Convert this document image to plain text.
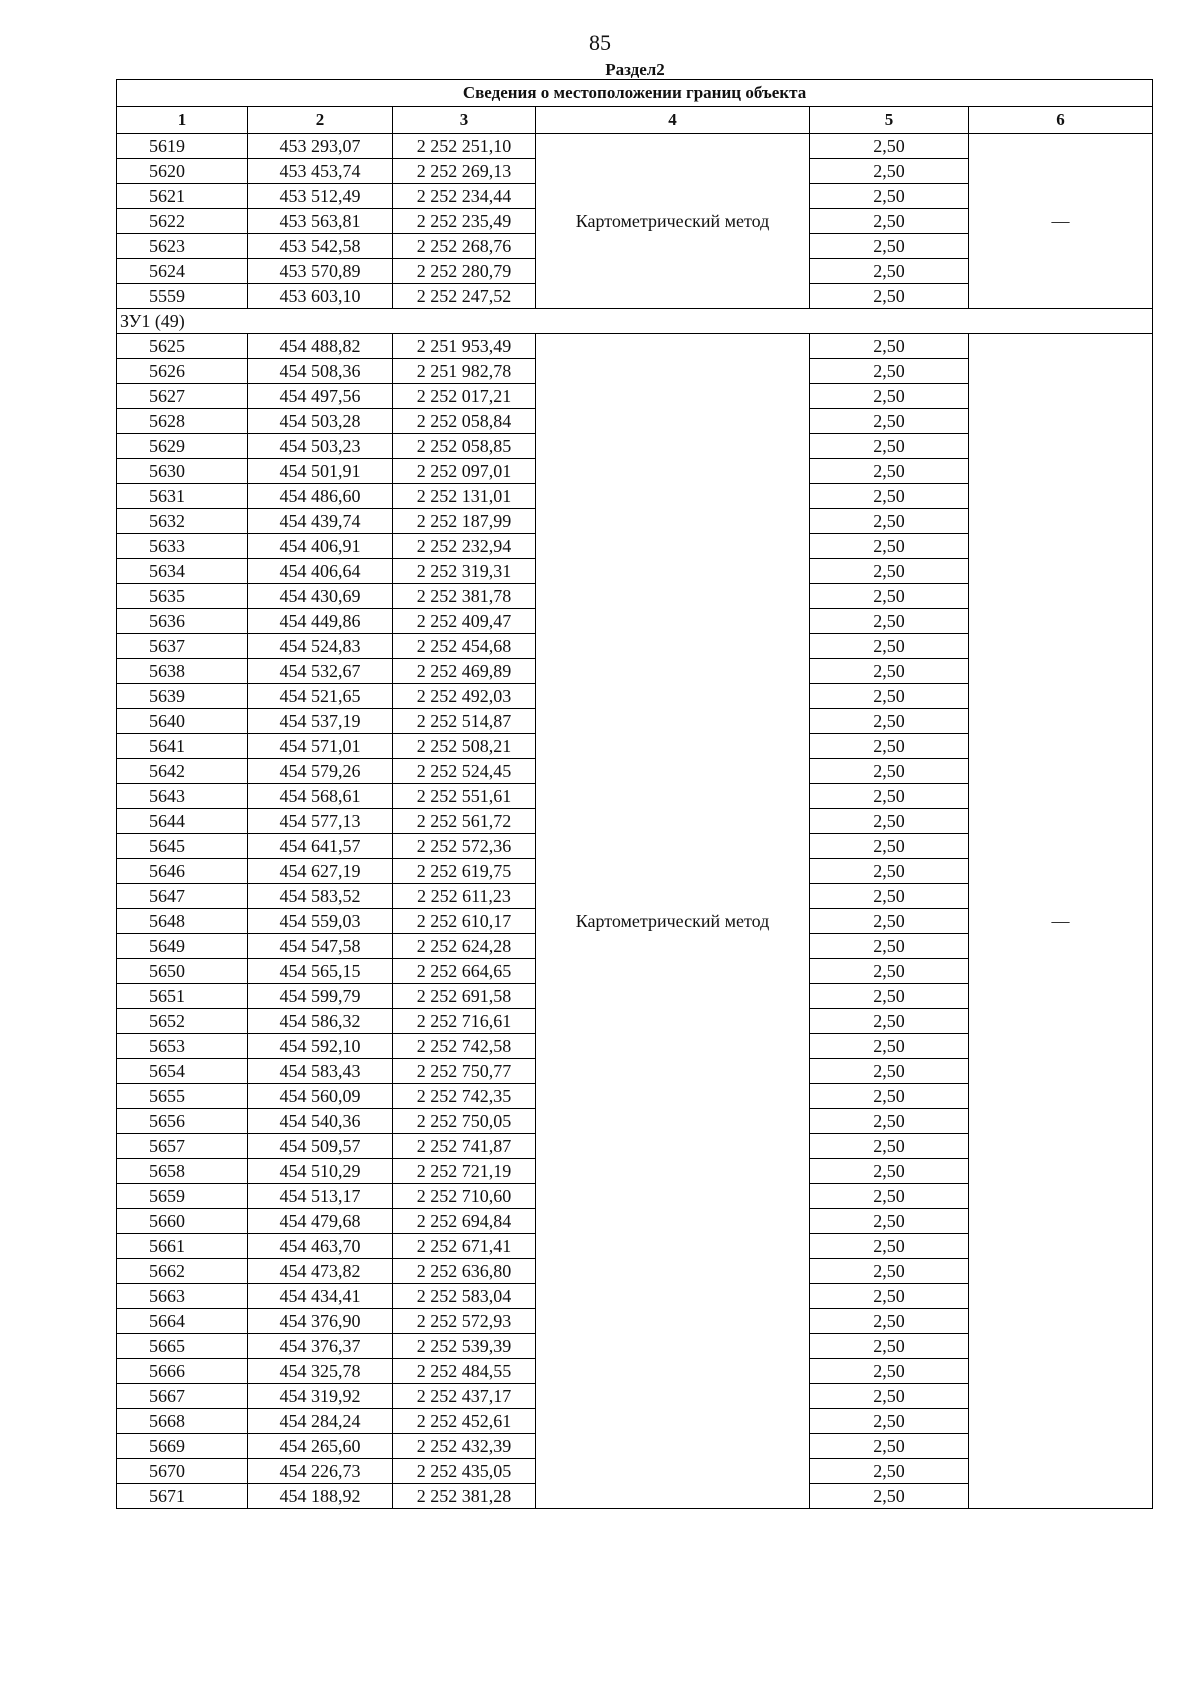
85
Раздел2
Сведения о местоположении границ объекта					
1	2	3	4	5	6
5619	453 293,07	2 252 251,10	Картометрический метод	2,50	—
5620	453 453,74	2 252 269,13		2,50	
5621	453 512,49	2 252 234,44		2,50	
5622	453 563,81	2 252 235,49		2,50	
5623	453 542,58	2 252 268,76		2,50	
5624	453 570,89	2 252 280,79		2,50	
5559	453 603,10	2 252 247,52		2,50	
ЗУ1 (49)					
5625	454 488,82	2 251 953,49	Картометрический метод	2,50	—
5626	454 508,36	2 251 982,78		2,50	
5627	454 497,56	2 252 017,21		2,50	
5628	454 503,28	2 252 058,84		2,50	
5629	454 503,23	2 252 058,85		2,50	
5630	454 501,91	2 252 097,01		2,50	
5631	454 486,60	2 252 131,01		2,50	
5632	454 439,74	2 252 187,99		2,50	
5633	454 406,91	2 252 232,94		2,50	
5634	454 406,64	2 252 319,31		2,50	
5635	454 430,69	2 252 381,78		2,50	
5636	454 449,86	2 252 409,47		2,50	
5637	454 524,83	2 252 454,68		2,50	
5638	454 532,67	2 252 469,89		2,50	
5639	454 521,65	2 252 492,03		2,50	
5640	454 537,19	2 252 514,87		2,50	
5641	454 571,01	2 252 508,21		2,50	
5642	454 579,26	2 252 524,45		2,50	
5643	454 568,61	2 252 551,61		2,50	
5644	454 577,13	2 252 561,72		2,50	
5645	454 641,57	2 252 572,36		2,50	
5646	454 627,19	2 252 619,75		2,50	
5647	454 583,52	2 252 611,23		2,50	
5648	454 559,03	2 252 610,17		2,50	
5649	454 547,58	2 252 624,28		2,50	
5650	454 565,15	2 252 664,65		2,50	
5651	454 599,79	2 252 691,58		2,50	
5652	454 586,32	2 252 716,61		2,50	
5653	454 592,10	2 252 742,58		2,50	
5654	454 583,43	2 252 750,77		2,50	
5655	454 560,09	2 252 742,35		2,50	
5656	454 540,36	2 252 750,05		2,50	
5657	454 509,57	2 252 741,87		2,50	
5658	454 510,29	2 252 721,19		2,50	
5659	454 513,17	2 252 710,60		2,50	
5660	454 479,68	2 252 694,84		2,50	
5661	454 463,70	2 252 671,41		2,50	
5662	454 473,82	2 252 636,80		2,50	
5663	454 434,41	2 252 583,04		2,50	
5664	454 376,90	2 252 572,93		2,50	
5665	454 376,37	2 252 539,39		2,50	
5666	454 325,78	2 252 484,55		2,50	
5667	454 319,92	2 252 437,17		2,50	
5668	454 284,24	2 252 452,61		2,50	
5669	454 265,60	2 252 432,39		2,50	
5670	454 226,73	2 252 435,05		2,50	
5671	454 188,92	2 252 381,28		2,50	
